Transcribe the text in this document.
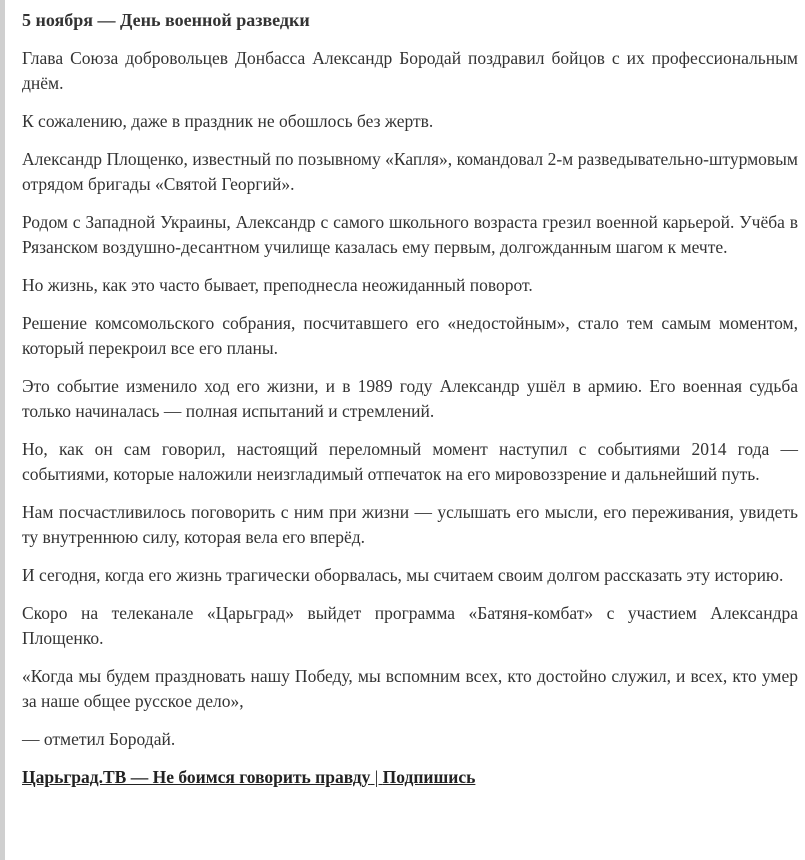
5 ноября — День военной разведки

Глава Союза добровольцев Донбасса Александр Бородай поздравил бойцов с их профессиональным днём.

К сожалению, даже в праздник не обошлось без жертв.

Александр Площенко, известный по позывному «Капля», командовал 2-м разведывательно-штурмовым отрядом бригады «Святой Георгий».

Родом с Западной Украины, Александр с самого школьного возраста грезил военной карьерой. Учёба в Рязанском воздушно-десантном училище казалась ему первым, долгожданным шагом к мечте.

Но жизнь, как это часто бывает, преподнесла неожиданный поворот.

Решение комсомольского собрания, посчитавшего его «недостойным», стало тем самым моментом, который перекроил все его планы.

Это событие изменило ход его жизни, и в 1989 году Александр ушёл в армию. Его военная судьба только начиналась — полная испытаний и стремлений.

Но, как он сам говорил, настоящий переломный момент наступил с событиями 2014 года — событиями, которые наложили неизгладимый отпечаток на его мировоззрение и дальнейший путь.

Нам посчастливилось поговорить с ним при жизни — услышать его мысли, его переживания, увидеть ту внутреннюю силу, которая вела его вперёд.

И сегодня, когда его жизнь трагически оборвалась, мы считаем своим долгом рассказать эту историю.

Скоро на телеканале «Царьград» выйдет программа «Батяня-комбат» с участием Александра Площенко.

«Когда мы будем праздновать нашу Победу, мы вспомним всех, кто достойно служил, и всех, кто умер за наше общее русское дело»,

— отметил Бородай.

Царьград.ТВ — Не боимся говорить правду | Подпишись
